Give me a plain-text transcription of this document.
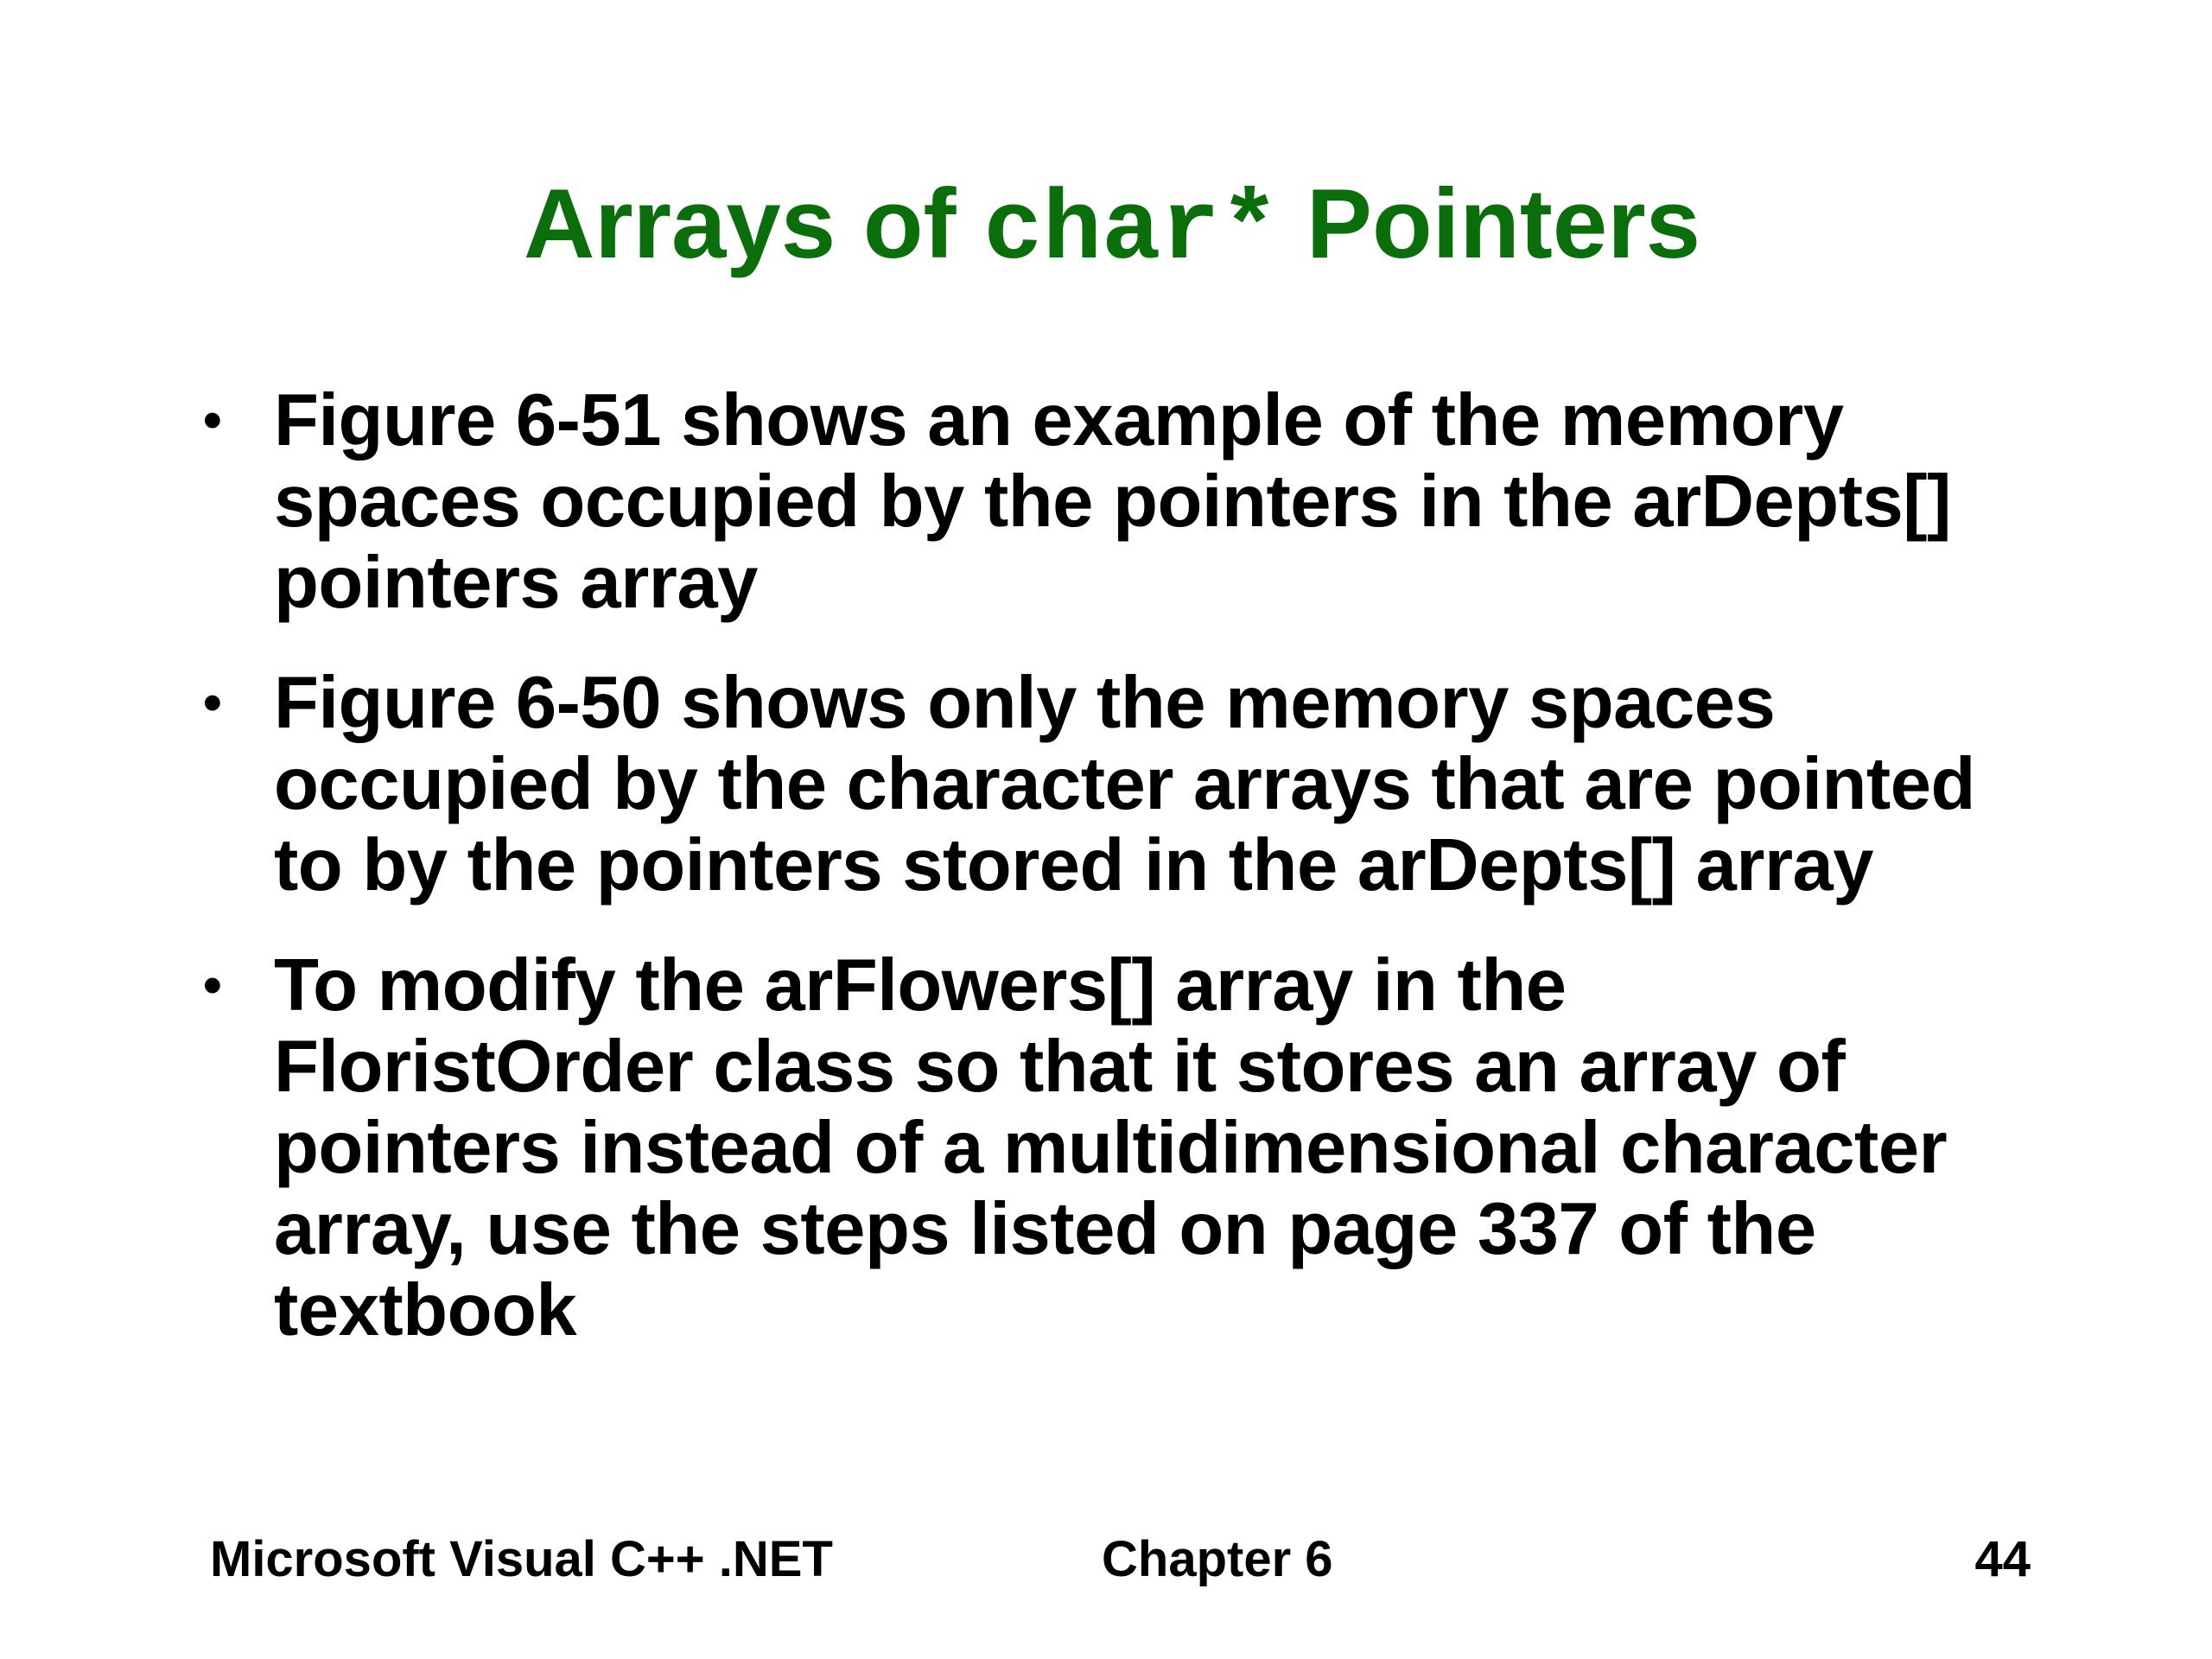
Arrays of char* Pointers
• Figure 6-51 shows an example of the memory
spaces occupied by the pointers in the arDepts[]
pointers array
• Figure 6-50 shows only the memory spaces
occupied by the character arrays that are pointed
to by the pointers stored in the arDepts[] array
• To modify the arFlowers[] array in the
FloristOrder class so that it stores an array of
pointers instead of a multidimensional character
array, use the steps listed on page 337 of the
textbook
Microsoft Visual C++ .NET	Chapter 6	44
